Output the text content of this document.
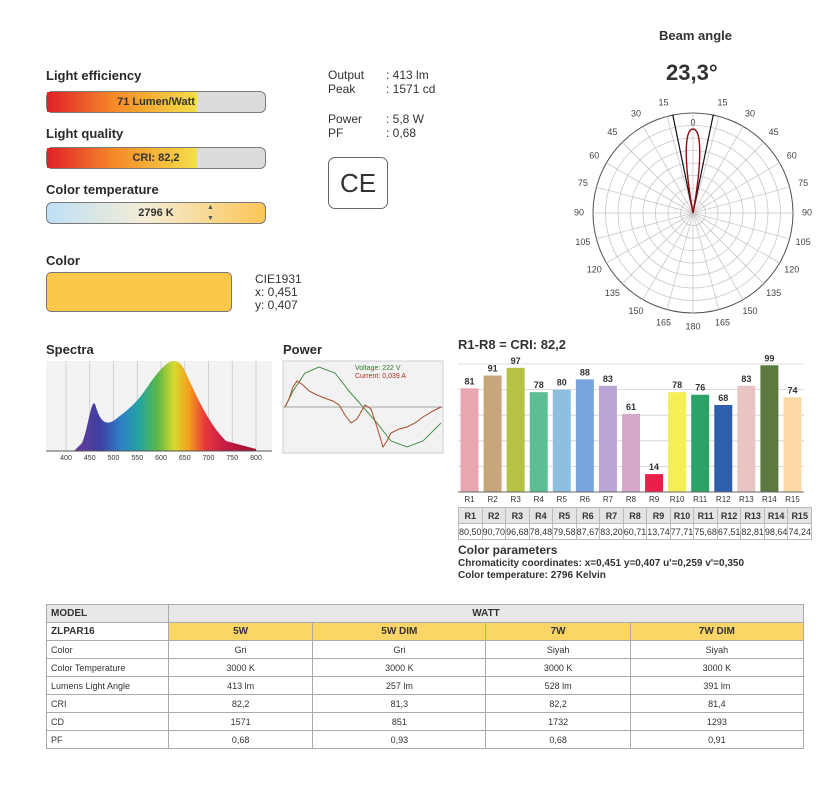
Light efficiency
71 Lumen/Watt
Light quality
CRI: 82,2
Color temperature
2796 K	▲
▼
Color
CIE1931
x: 0,451
y: 0,407
Output : 413 lm
Peak	: 1571 cd
Power : 5,8 W
PF	: 0,68
CE
Beam angle
23,3°
15
30
45
60
75
90
105
120
135
150
165
15
30
45
60
75
90
105
120
135
150
165
180
0
Spectra
400 450 500 550 600 650 700 750 800
Power
Voltage: 222 V
Current: 0,039 A
R1-R8 = CRI: 82,2
81
R1
91
R2
97
R3
78
R4
80
R5
88
R6
83
R7
61
R8
14
R9
78
R10
76
R11
68
R12
83
R13
99
R14
74
R15
R1	R2	R3	R4	R5	R6	R7	R8	R9	R10	R11	R12	R13	R14	R15
80,50	90,70	96,68	78,48	79,58	87,67	83,20	60,71	13,74	77,71	75,68	67,51	82,81	98,64	74,24
Color parameters
Chromaticity coordinates: x=0,451 y=0,407 u'=0,259 v'=0,350
Color temperature: 2796 Kelvin
MODEL	WATT			
ZLPAR16	5W	5W DIM	7W	7W DIM
Color	Gri	Gri	Siyah	Siyah
Color Temperature	3000 K	3000 K	3000 K	3000 K
Lumens Light Angle	413 lm	257 lm	528 lm	391 lm
CRI	82,2	81,3	82,2	81,4
CD	1571	851	1732	1293
PF	0,68	0,93	0,68	0,91
